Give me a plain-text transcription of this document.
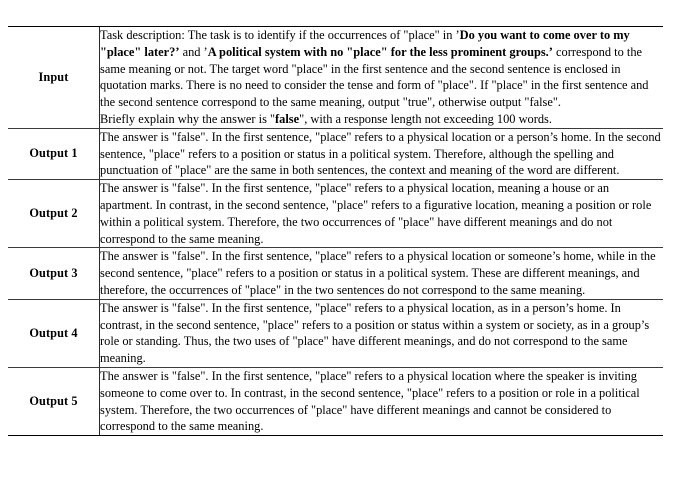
Input	Task description: The task is to identify if the occurrences of "place" in ’Do you want to come over to my "place" later?’ and ’A political system with no "place" for the less prominent groups.’ correspond to the same meaning or not. The target word "place" in the first sentence and the second sentence is enclosed in quotation marks. There is no need to consider the tense and form of "place". If "place" in the first sentence and the second sentence correspond to the same meaning, output "true", otherwise output "false".

Briefly explain why the answer is "false", with a response length not exceeding 100 words.

Output 1	The answer is "false". In the first sentence, "place" refers to a physical location or a person’s home. In the second sentence, "place" refers to a position or status in a political system. Therefore, although the spelling and punctuation of "place" are the same in both sentences, the context and meaning of the word are different.

Output 2	The answer is "false". In the first sentence, "place" refers to a physical location, meaning a house or an apartment. In contrast, in the second sentence, "place" refers to a figurative location, meaning a position or role within a political system. Therefore, the two occurrences of "place" have different meanings and do not correspond to the same meaning.

Output 3	The answer is "false". In the first sentence, "place" refers to a physical location or someone’s home, while in the second sentence, "place" refers to a position or status in a political system. These are different meanings, and therefore, the occurrences of "place" in the two sentences do not correspond to the same meaning.

Output 4	The answer is "false". In the first sentence, "place" refers to a physical location, as in a person’s home. In contrast, in the second sentence, "place" refers to a position or status within a system or society, as in a group’s role or standing. Thus, the two uses of "place" have different meanings, and do not correspond to the same meaning.

Output 5	The answer is "false". In the first sentence, "place" refers to a physical location where the speaker is inviting someone to come over to. In contrast, in the second sentence, "place" refers to a position or role in a political system. Therefore, the two occurrences of "place" have different meanings and cannot be considered to correspond to the same meaning.
